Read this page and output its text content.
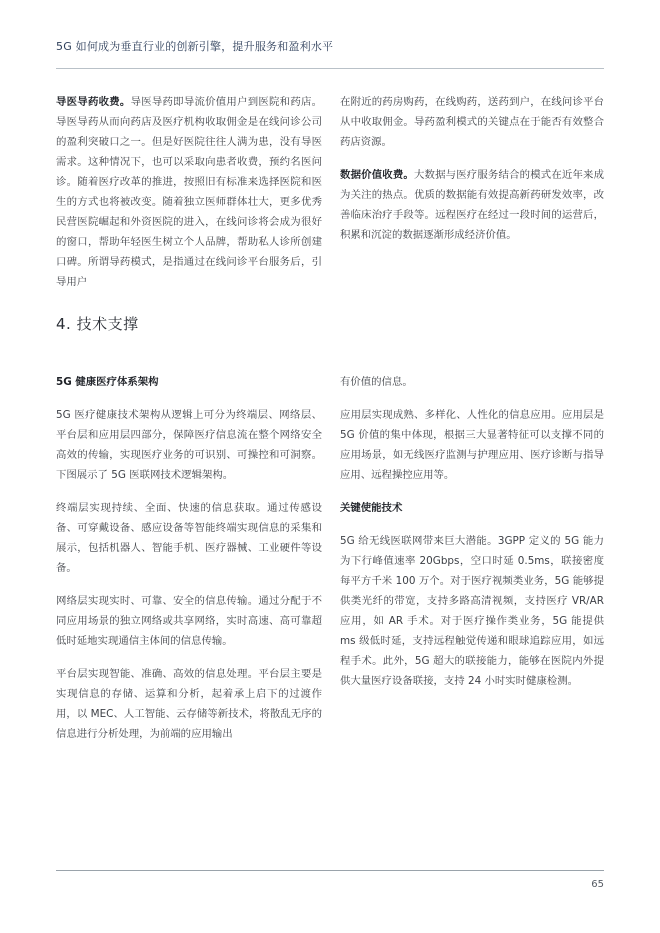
5G 如何成为垂直行业的创新引擎，提升服务和盈利水平

导医导药收费。导医导药即导流价值用户到医院和药店。导医导药从而向药店及医疗机构收取佣金是在线问诊公司的盈利突破口之一。但是好医院往往人满为患，没有导医需求。这种情况下，也可以采取向患者收费，预约名医问诊。随着医疗改革的推进，按照旧有标准来选择医院和医生的方式也将被改变。随着独立医师群体壮大，更多优秀民营医院崛起和外资医院的进入，在线问诊将会成为很好的窗口，帮助年轻医生树立个人品牌，帮助私人诊所创建口碑。所谓导药模式，是指通过在线问诊平台服务后，引导用户

在附近的药房购药，在线购药，送药到户，在线问诊平台从中收取佣金。导药盈利模式的关键点在于能否有效整合药店资源。

数据价值收费。大数据与医疗服务结合的模式在近年来成为关注的热点。优质的数据能有效提高新药研发效率，改善临床治疗手段等。远程医疗在经过一段时间的运营后，积累和沉淀的数据逐渐形成经济价值。

4. 技术支撑

5G 健康医疗体系架构

5G 医疗健康技术架构从逻辑上可分为终端层、网络层、平台层和应用层四部分，保障医疗信息流在整个网络安全高效的传输，实现医疗业务的可识别、可操控和可洞察。下图展示了 5G 医联网技术逻辑架构。

终端层实现持续、全面、快速的信息获取。通过传感设备、可穿戴设备、感应设备等智能终端实现信息的采集和展示，包括机器人、智能手机、医疗器械、工业硬件等设备。

网络层实现实时、可靠、安全的信息传输。通过分配于不同应用场景的独立网络或共享网络，实时高速、高可靠超低时延地实现通信主体间的信息传输。

平台层实现智能、准确、高效的信息处理。平台层主要是实现信息的存储、运算和分析，起着承上启下的过渡作用，以 MEC、人工智能、云存储等新技术，将散乱无序的信息进行分析处理，为前端的应用输出

有价值的信息。

应用层实现成熟、多样化、人性化的信息应用。应用层是 5G 价值的集中体现，根据三大显著特征可以支撑不同的应用场景，如无线医疗监测与护理应用、医疗诊断与指导应用、远程操控应用等。

关键使能技术

5G 给无线医联网带来巨大潜能。3GPP 定义的 5G 能力为下行峰值速率 20Gbps，空口时延 0.5ms，联接密度每平方千米 100 万个。对于医疗视频类业务，5G 能够提供类光纤的带宽，支持多路高清视频，支持医疗 VR/AR 应用，如 AR 手术。对于医疗操作类业务，5G 能提供 ms 级低时延，支持远程触觉传递和眼球追踪应用，如远程手术。此外，5G 超大的联接能力，能够在医院内外提供大量医疗设备联接，支持 24 小时实时健康检测。

65
